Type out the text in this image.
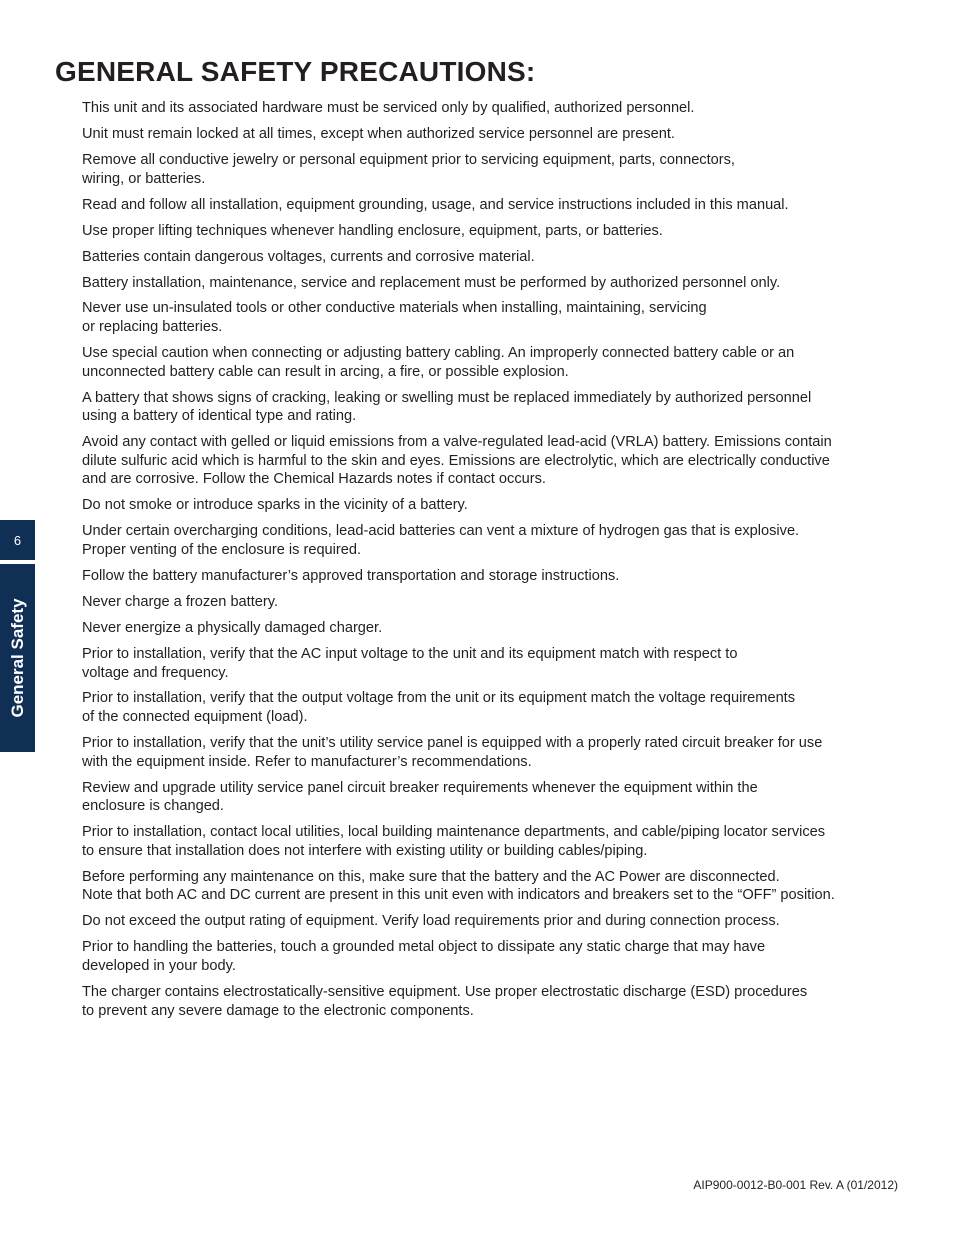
GENERAL SAFETY PRECAUTIONS:
This unit and its associated hardware must be serviced only by qualified, authorized personnel.
Unit must remain locked at all times, except when authorized service personnel are present.
Remove all conductive jewelry or personal equipment prior to servicing equipment, parts, connectors,
wiring, or batteries.
Read and follow all installation, equipment grounding, usage, and service instructions included in this manual.
Use proper lifting techniques whenever handling enclosure, equipment, parts, or batteries.
Batteries contain dangerous voltages, currents and corrosive material.
Battery installation, maintenance, service and replacement must be performed by authorized personnel only.
Never use un-insulated tools or other conductive materials when installing, maintaining, servicing
or replacing batteries.
Use special caution when connecting or adjusting battery cabling. An improperly connected battery cable or an
unconnected battery cable can result in arcing, a fire, or possible explosion.
A battery that shows signs of cracking, leaking or swelling must be replaced immediately by authorized personnel
using a battery of identical type and rating.
Avoid any contact with gelled or liquid emissions from a valve-regulated lead-acid (VRLA) battery. Emissions contain
dilute sulfuric acid which is harmful to the skin and eyes. Emissions are electrolytic, which are electrically conductive
and are corrosive. Follow the Chemical Hazards notes if contact occurs.
Do not smoke or introduce sparks in the vicinity of a battery.
Under certain overcharging conditions, lead-acid batteries can vent a mixture of hydrogen gas that is explosive.
Proper venting of the enclosure is required.
Follow the battery manufacturer’s approved transportation and storage instructions.
Never charge a frozen battery.
Never energize a physically damaged charger.
Prior to installation, verify that the AC input voltage to the unit and its equipment match with respect to
voltage and frequency.
Prior to installation, verify that the output voltage from the unit or its equipment match the voltage requirements
of the connected equipment (load).
Prior to installation, verify that the unit’s utility service panel is equipped with a properly rated circuit breaker for use
with the equipment inside. Refer to manufacturer’s recommendations.
Review and upgrade utility service panel circuit breaker requirements whenever the equipment within the
enclosure is changed.
Prior to installation, contact local utilities, local building maintenance departments, and cable/piping locator services
to ensure that installation does not interfere with existing utility or building cables/piping.
Before performing any maintenance on this, make sure that the battery and the AC Power are disconnected.
Note that both AC and DC current are present in this unit even with indicators and breakers set to the “OFF” position.
Do not exceed the output rating of equipment. Verify load requirements prior and during connection process.
Prior to handling the batteries, touch a grounded metal object to dissipate any static charge that may have
developed in your body.
The charger contains electrostatically-sensitive equipment. Use proper electrostatic discharge (ESD) procedures
to prevent any severe damage to the electronic components.
6
General Safety
AIP900-0012-B0-001 Rev. A (01/2012)
